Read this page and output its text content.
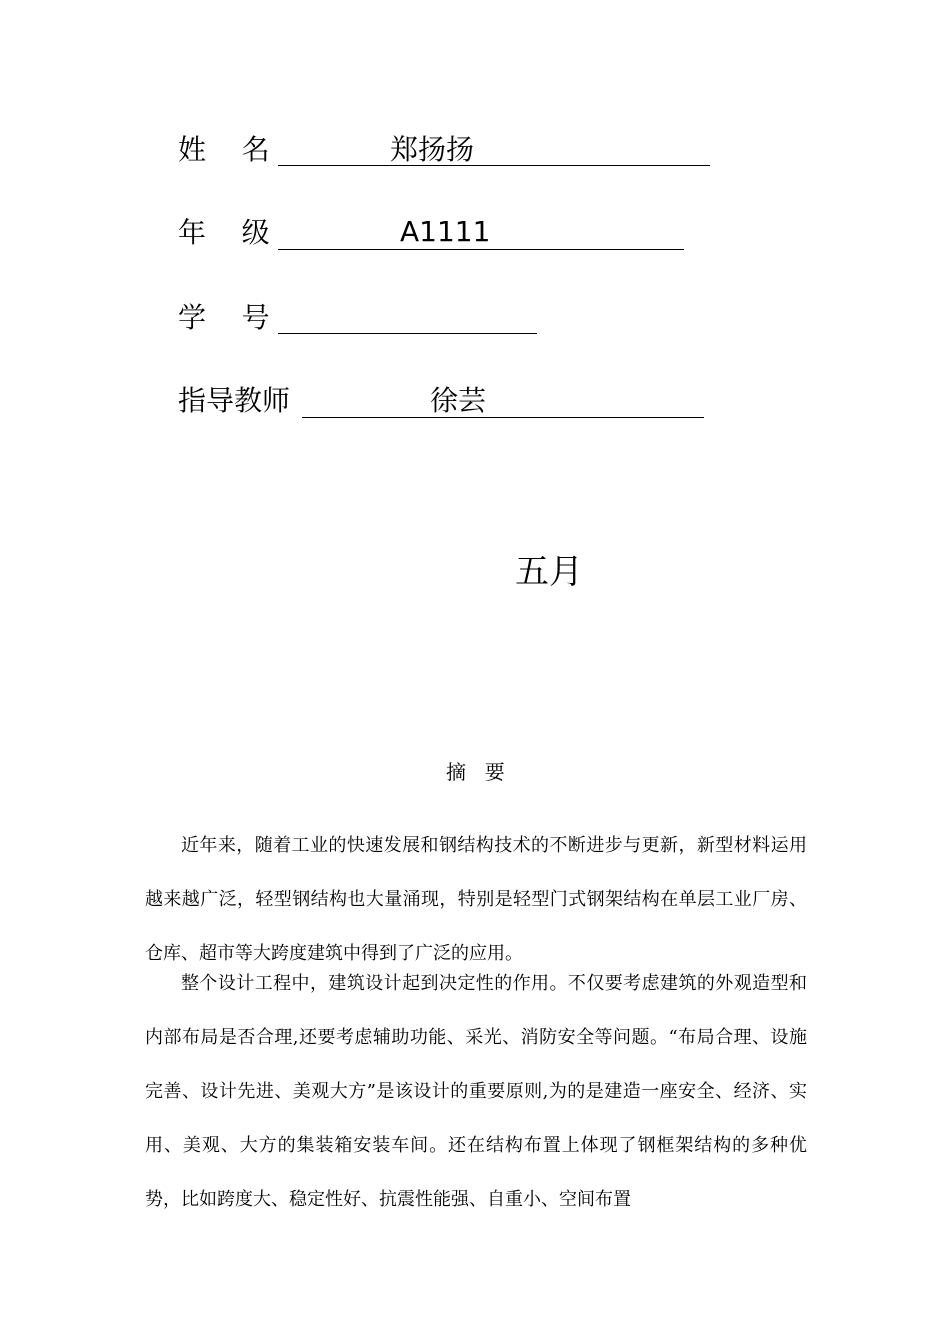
姓    名	郑扬扬
年    级	A1111
学    号
指导教师	徐芸
五月
摘  要

近年来，随着工业的快速发展和钢结构技术的不断进步与更新，新型材料运用越来越广泛，轻型钢结构也大量涌现，特别是轻型门式钢架结构在单层工业厂房、仓库、超市等大跨度建筑中得到了广泛的应用。

整个设计工程中，建筑设计起到决定性的作用。不仅要考虑建筑的外观造型和内部布局是否合理,还要考虑辅助功能、采光、消防安全等问题。“布局合理、设施完善、设计先进、美观大方”是该设计的重要原则,为的是建造一座安全、经济、实用、美观、大方的集装箱安装车间。还在结构布置上体现了钢框架结构的多种优势，比如跨度大、稳定性好、抗震性能强、自重小、空间布置
